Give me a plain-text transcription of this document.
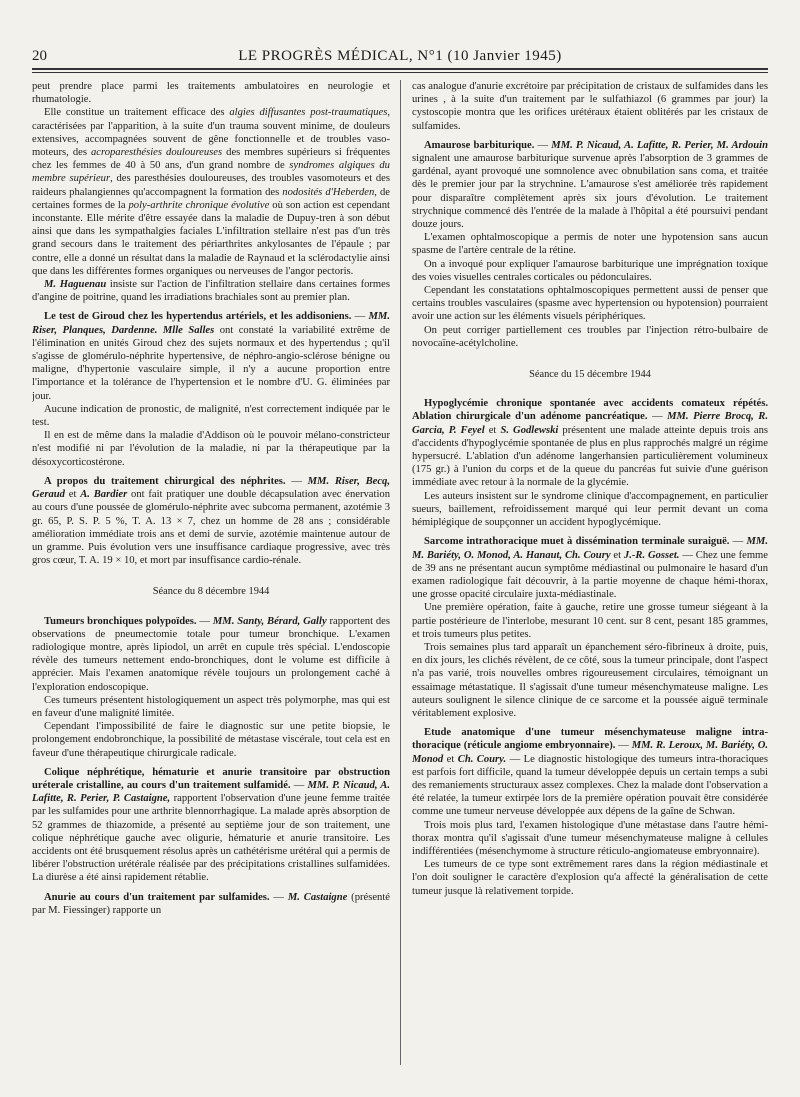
20	LE PROGRÈS MÉDICAL, N°1 (10 Janvier 1945)

peut prendre place parmi les traitements ambulatoires en neurologie et rhumatologie.

Elle constitue un traitement efficace des algies diffusantes post-traumatiques, caractérisées par l'apparition, à la suite d'un trauma souvent minime, de douleurs extensives, accompagnées souvent de gêne fonctionnelle et de troubles vaso-moteurs, des acroparesthésies douloureuses des membres supérieurs si fréquentes chez les femmes de 40 à 50 ans, d'un grand nombre de syndromes algiques du membre supérieur, des paresthésies douloureuses, des troubles vasomoteurs et des raideurs phalangiennes qu'accompagnent la formation des nodosités d'Heberden, de certaines formes de la poly-arthrite chronique évolutive où son action est cependant inconstante. Elle mérite d'être essayée dans la maladie de Dupuy-tren à son début ainsi que dans les sympathalgies faciales L'infiltration stellaire n'est pas d'un très grand secours dans le traitement des périarthrites ankylosantes de l'épaule ; par contre, elle a donné un résultat dans la maladie de Raynaud et la sclérodactylie ainsi que dans les différentes formes organiques ou nerveuses de l'angor pectoris.

M. Haguenau insiste sur l'action de l'infiltration stellaire dans certaines formes d'angine de poitrine, quand les irradiations brachiales sont au premier plan.

Le test de Giroud chez les hypertendus artériels, et les addisoniens. — MM. Riser, Planques, Dardenne. Mlle Salles ont constaté la variabilité extrême de l'élimination en unités Giroud chez des sujets normaux et des hypertendus ; qu'il s'agisse de glomérulo-néphrite hypertensive, de néphro-angio-sclérose bénigne ou maligne, d'hypertonie vasculaire simple, il n'y a aucune proportion entre l'importance et la tolérance de l'hypertension et le nombre d'U. G. éliminées par jour.

Aucune indication de pronostic, de malignité, n'est correctement indiquée par le test.

Il en est de même dans la maladie d'Addison où le pouvoir mélano-constricteur n'est modifié ni par l'évolution de la maladie, ni par la thérapeutique par la désoxycorticostérone.

A propos du traitement chirurgical des néphrites. — MM. Riser, Becq, Geraud et A. Bardier ont fait pratiquer une double décapsulation avec énervation au cours d'une poussée de glomérulo-néphrite avec subcoma permanent, azotémie 3 gr. 65, P. S. P. 5 %, T. A. 13 × 7, chez un homme de 28 ans ; considérable amélioration immédiate trois ans et demi de survie, azotémie maintenue autour de un gramme. Puis évolution vers une insuffisance cardiaque progressive, avec très gros cœur, T. A. 19 × 10, et mort par insuffisance cardio-rénale.

Séance du 8 décembre 1944

Tumeurs bronchiques polypoïdes. — MM. Santy, Bérard, Gally rapportent des observations de pneumectomie totale pour tumeur bronchique. L'examen radiologique montre, après lipiodol, un arrêt en cupule très spécial. L'endoscopie révèle des tumeurs nettement endo-bronchiques, dont le volume est difficile à apprécier. Mais l'examen anatomique révèle toujours un prolongement caché à l'exploration endoscopique.

Ces tumeurs présentent histologiquement un aspect très polymorphe, mas qui est en faveur d'une malignité limitée.

Cependant l'impossibilité de faire le diagnostic sur une petite biopsie, le prolongement endobronchique, la possibilité de métastase viscérale, tout cela est en faveur d'une thérapeutique chirurgicale radicale.

Colique néphrétique, hématurie et anurie transitoire par obstruction uréterale cristalline, au cours d'un traitement sulfamidé. — MM. P. Nicaud, A. Lafitte, R. Perier, P. Castaigne, rapportent l'observation d'une jeune femme traitée par les sulfamides pour une arthrite blennorrhagique. La malade après absorption de 52 grammes de thiazomide, a présenté au septième jour de son traitement, une colique néphrétique gauche avec oligurie, hématurie et anurie transitoire. Les accidents ont été brusquement résolus après un cathétérisme urétéral qui a permis de libérer l'obstruction urétérale réalisée par des précipitations cristallines sulfamidées. La diurèse a été ainsi rapidement rétablie.

Anurie au cours d'un traitement par sulfamides. — M. Castaigne (présenté par M. Fiessinger) rapporte un

cas analogue d'anurie excrétoire par précipitation de cristaux de sulfamides dans les urines , à la suite d'un traitement par le sulfathiazol (6 grammes par jour) la cystoscopie montra que les orifices urétéraux étaient oblitérés par les cristaux de sulfamides.

Amaurose barbiturique. — MM. P. Nicaud, A. Lafitte, R. Perier, M. Ardouin signalent une amaurose barbiturique survenue après l'absorption de 3 grammes de gardénal, ayant provoqué une somnolence avec obnubilation sans coma, et traitée dès le premier jour par la strychnine. L'amaurose s'est améliorée très rapidement pour disparaître complètement après six jours d'évolution. Le traitement strychnique commencé dès l'entrée de la malade à l'hôpital a été poursuivi pendant douze jours.

L'examen ophtalmoscopique a permis de noter une hypotension sans aucun spasme de l'artère centrale de la rétine.

On a invoqué pour expliquer l'amaurose barbiturique une imprégnation toxique des voies visuelles centrales corticales ou pédonculaires.

Cependant les constatations ophtalmoscopiques permettent aussi de penser que certains troubles vasculaires (spasme avec hypertension ou hypotension) pourraient avoir une action sur les éléments visuels périphériques.

On peut corriger partiellement ces troubles par l'injection rétro-bulbaire de novocaïne-acétylcholine.

Séance du 15 décembre 1944

Hypoglycémie chronique spontanée avec accidents comateux répétés. Ablation chirurgicale d'un adénome pancréatique. — MM. Pierre Brocq, R. Garcia, P. Feyel et S. Godlewski présentent une malade atteinte depuis trois ans d'accidents d'hypoglycémie spontanée de plus en plus rapprochés malgré un régime hypersucré. L'ablation d'un adénome langerhansien particulièrement volumineux (175 gr.) à l'union du corps et de la queue du pancréas fut suivie d'une guérison immédiate avec retour à la normale de la glycémie.

Les auteurs insistent sur le syndrome clinique d'accompagnement, en particulier sueurs, baillement, refroidissement marqué qui leur permit devant un coma hémiplégique de soupçonner un accident hypoglycémique.

Sarcome intrathoracique muet à dissémination terminale suraiguë. — MM. M. Bariéty, O. Monod, A. Hanaut, Ch. Coury et J.-R. Gosset. — Chez une femme de 39 ans ne présentant aucun symptôme médiastinal ou pulmonaire le hasard d'un examen radiologique fait découvrir, à la partie moyenne de chaque hémi-thorax, une grosse opacité circulaire juxta-médiastinale.

Une première opération, faite à gauche, retire une grosse tumeur siégeant à la partie postérieure de l'interlobe, mesurant 10 cent. sur 8 cent, pesant 185 grammes, et trois tumeurs plus petites.

Trois semaines plus tard apparaît un épanchement séro-fibrineux à droite, puis, en dix jours, les clichés révèlent, de ce côté, sous la tumeur principale, dont l'aspect n'a pas varié, trois nouvelles ombres rigoureusement circulaires, témoignant un essaimage métastatique. Il s'agissait d'une tumeur mésenchymateuse maligne. Les auteurs soulignent le silence clinique de ce sarcome et la poussée aiguë terminale véritablement explosive.

Etude anatomique d'une tumeur mésenchymateuse maligne intra-thoracique (réticule angiome embryonnaire). — MM. R. Leroux, M. Bariéty, O. Monod et Ch. Coury. — Le diagnostic histologique des tumeurs intra-thoraciques est parfois fort difficile, quand la tumeur développée depuis un certain temps a subi des remaniements structuraux assez complexes. Chez la malade dont l'observation a été relatée, la tumeur extirpée lors de la première opération pouvait être considérée comme une tumeur nerveuse développée aux dépens de la gaîne de Schwan.

Trois mois plus tard, l'examen histologique d'une métastase dans l'autre hémi-thorax montra qu'il s'agissait d'une tumeur mésenchymateuse maligne à cellules indifférentiées (mésenchymome à structure réticulo-angiomateuse embryonnaire).

Les tumeurs de ce type sont extrêmement rares dans la région médiastinale et l'on doit souligner le caractère d'explosion qu'a affecté la généralisation de cette tumeur jusque là relativement torpide.
